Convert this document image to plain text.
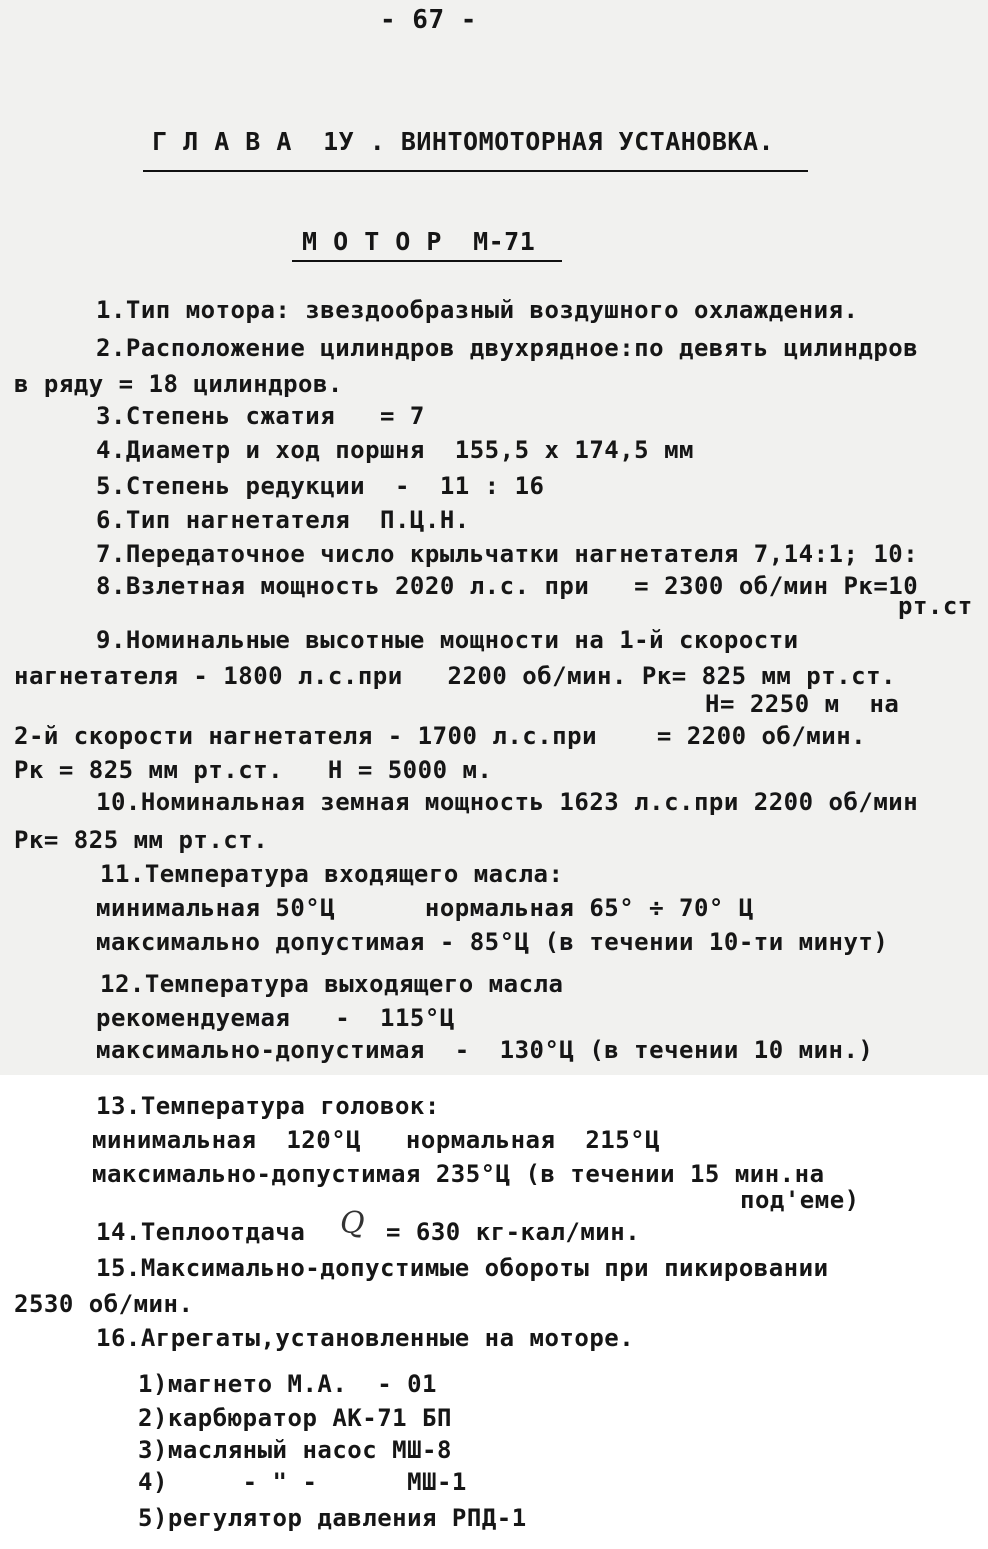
- 67 -
Г Л А В А  1У . ВИНТОМОТОРНАЯ УСТАНОВКА.
М О Т О Р  М-71
1.Тип мотора: звездообразный воздушного охлаждения.
2.Расположение цилиндров двухрядное:по девять цилиндров
в ряду = 18 цилиндров.
3.Степень сжатия   = 7
4.Диаметр и ход поршня  155,5 х 174,5 мм
5.Степень редукции  -  11 : 16
6.Тип нагнетателя  П.Ц.Н.
7.Передаточное число крыльчатки нагнетателя 7,14:1; 10:
8.Взлетная мощность 2020 л.с. при   = 2300 об/мин Рк=10
рт.ст
9.Номинальные высотные мощности на 1-й скорости
нагнетателя - 1800 л.с.при   2200 об/мин. Рк= 825 мм рт.ст.
Н= 2250 м  на
2-й скорости нагнетателя - 1700 л.с.при    = 2200 об/мин.
Рк = 825 мм рт.ст.   Н = 5000 м.
10.Номинальная земная мощность 1623 л.с.при 2200 об/мин
Рк= 825 мм рт.ст.
11.Температура входящего масла:
минимальная 50°Ц      нормальная 65° ÷ 70° Ц
максимально допустимая - 85°Ц (в течении 10-ти минут)
12.Температура выходящего масла
рекомендуемая   -  115°Ц
максимально-допустимая  -  130°Ц (в течении 10 мин.)
13.Температура головок:
минимальная  120°Ц   нормальная  215°Ц
максимально-допустимая 235°Ц (в течении 15 мин.на
под'еме)
14.Теплоотдача Q = 630 кг-кал/мин.
15.Максимально-допустимые обороты при пикировании
2530 об/мин.
16.Агрегаты,установленные на моторе.
1)магнето М.А.  - 01
2)карбюратор АК-71 БП
3)масляный насос МШ-8
4)     - " -      МШ-1
5)регулятор давления РПД-1
